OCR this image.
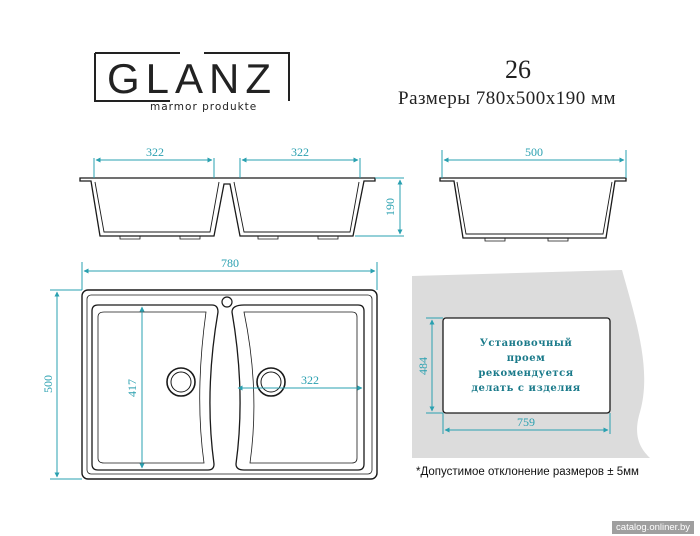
GLANZ
marmor produkte
26
Размеры 780х500х190 мм
322	322
190
500
780
500	417	322
484
759
Установочный
проем
рекомендуется
делать с изделия
*Допустимое отклонение размеров ± 5мм
catalog.onliner.by
